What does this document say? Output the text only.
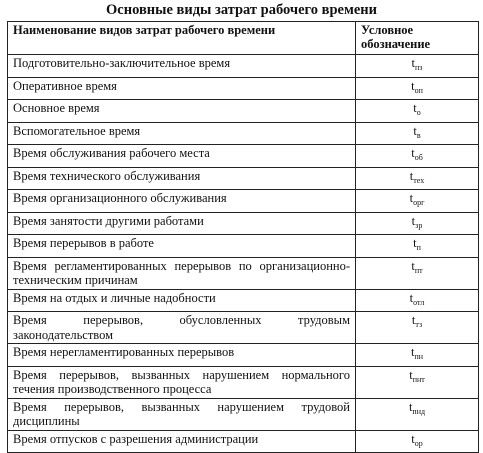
Основные виды затрат рабочего времени
Наименование видов затрат рабочего времени	Условное обозначение
Подготовительно-заключительное время	$t_{пз}$
Оперативное время	$t_{оп}$
Основное время	$t_о$
Вспомогательное время	$t_в$
Время обслуживания рабочего места	$t_{об}$
Время технического обслуживания	$t_{тех}$
Время организационного обслуживания	$t_{орг}$
Время занятости другими работами	$t_{зр}$
Время перерывов в работе	$t_п$
Время регламентированных перерывов по организационно-техническим причинам	$t_{пт}$
Время на отдых и личные надобности	$t_{отл}$
Время перерывов, обусловленных трудовым законодательством	$t_{тз}$
Время нерегламентированных перерывов	$t_{пн}$
Время перерывов, вызванных нарушением нормального течения производственного процесса	$t_{пнт}$
Время перерывов, вызванных нарушением трудовой дисциплины	$t_{пнд}$
Время отпусков с разрешения администрации	$t_{ор}$
